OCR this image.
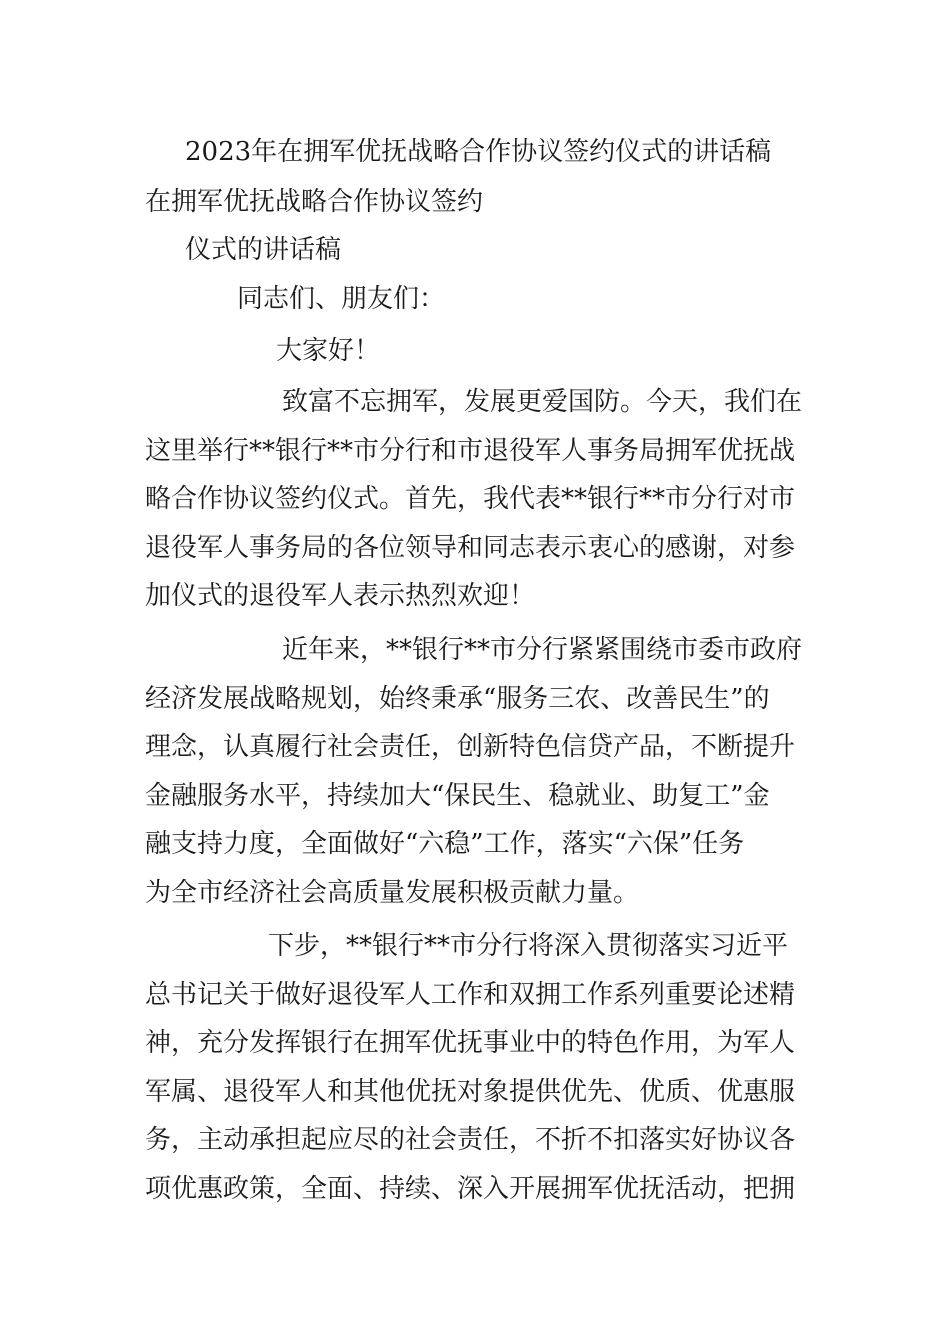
2023年在拥军优抚战略合作协议签约仪式的讲话稿
在拥军优抚战略合作协议签约
仪式的讲话稿
同志们、朋友们：
大家好！
致富不忘拥军，发展更爱国防。今天，我们在
这里举行**银行**市分行和市退役军人事务局拥军优抚战
略合作协议签约仪式。首先，我代表**银行**市分行对市
退役军人事务局的各位领导和同志表示衷心的感谢，对参
加仪式的退役军人表示热烈欢迎！
近年来，**银行**市分行紧紧围绕市委市政府
经济发展战略规划，始终秉承“服务三农、改善民生”的
理念，认真履行社会责任，创新特色信贷产品，不断提升
金融服务水平，持续加大“保民生、稳就业、助复工”金
融支持力度，全面做好“六稳”工作，落实“六保”任务
为全市经济社会高质量发展积极贡献力量。
下步，**银行**市分行将深入贯彻落实习近平
总书记关于做好退役军人工作和双拥工作系列重要论述精
神，充分发挥银行在拥军优抚事业中的特色作用，为军人
军属、退役军人和其他优抚对象提供优先、优质、优惠服
务，主动承担起应尽的社会责任，不折不扣落实好协议各
项优惠政策，全面、持续、深入开展拥军优抚活动，把拥
